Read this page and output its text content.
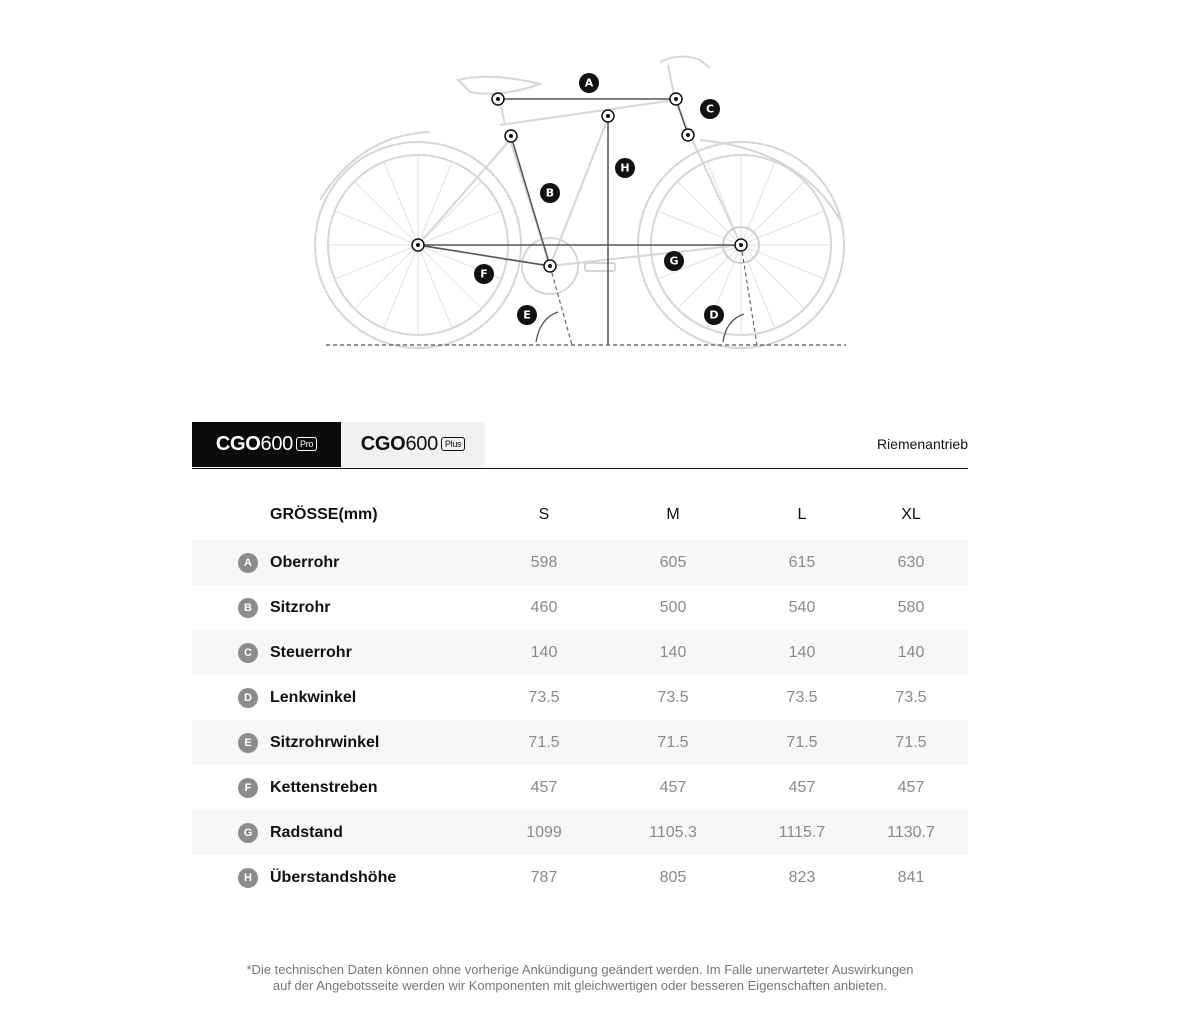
A
B
C
D
E
F
G
H
CGO 600 Pro CGO 600 Plus	Riemenantrieb
GRÖSSE(mm)	S	M	L	XL
A	Oberrohr	598	605	615	630
B	Sitzrohr	460	500	540	580
C	Steuerrohr	140	140	140	140
D	Lenkwinkel	73.5	73.5	73.5	73.5
E	Sitzrohrwinkel	71.5	71.5	71.5	71.5
F	Kettenstreben	457	457	457	457
G	Radstand	1099	1105.3	1115.7	1130.7
H	Überstandshöhe	787	805	823	841
*Die technischen Daten können ohne vorherige Ankündigung geändert werden. Im Falle unerwarteter Auswirkungen
auf der Angebotsseite werden wir Komponenten mit gleichwertigen oder besseren Eigenschaften anbieten.
